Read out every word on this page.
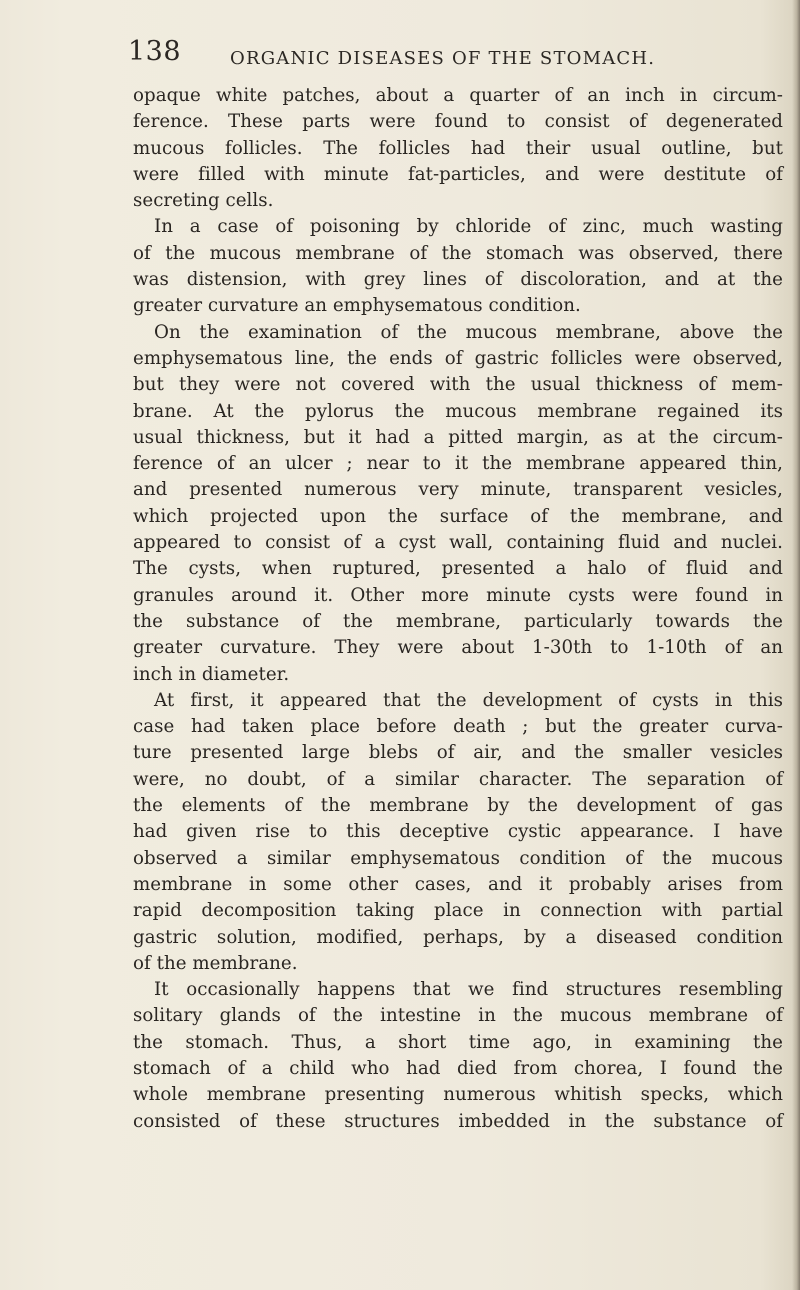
138	ORGANIC DISEASES OF THE STOMACH.
opaque white patches, about a quarter of an inch in circum-
ference. These parts were found to consist of degenerated
mucous follicles. The follicles had their usual outline, but
were filled with minute fat-particles, and were destitute of
secreting cells.
In a case of poisoning by chloride of zinc, much wasting
of the mucous membrane of the stomach was observed, there
was distension, with grey lines of discoloration, and at the
greater curvature an emphysematous condition.
On the examination of the mucous membrane, above the
emphysematous line, the ends of gastric follicles were observed,
but they were not covered with the usual thickness of mem-
brane. At the pylorus the mucous membrane regained its
usual thickness, but it had a pitted margin, as at the circum-
ference of an ulcer ; near to it the membrane appeared thin,
and presented numerous very minute, transparent vesicles,
which projected upon the surface of the membrane, and
appeared to consist of a cyst wall, containing fluid and nuclei.
The cysts, when ruptured, presented a halo of fluid and
granules around it. Other more minute cysts were found in
the substance of the membrane, particularly towards the
greater curvature. They were about 1-30th to 1-10th of an
inch in diameter.
At first, it appeared that the development of cysts in this
case had taken place before death ; but the greater curva-
ture presented large blebs of air, and the smaller vesicles
were, no doubt, of a similar character. The separation of
the elements of the membrane by the development of gas
had given rise to this deceptive cystic appearance. I have
observed a similar emphysematous condition of the mucous
membrane in some other cases, and it probably arises from
rapid decomposition taking place in connection with partial
gastric solution, modified, perhaps, by a diseased condition
of the membrane.
It occasionally happens that we find structures resembling
solitary glands of the intestine in the mucous membrane of
the stomach. Thus, a short time ago, in examining the
stomach of a child who had died from chorea, I found the
whole membrane presenting numerous whitish specks, which
consisted of these structures imbedded in the substance of
